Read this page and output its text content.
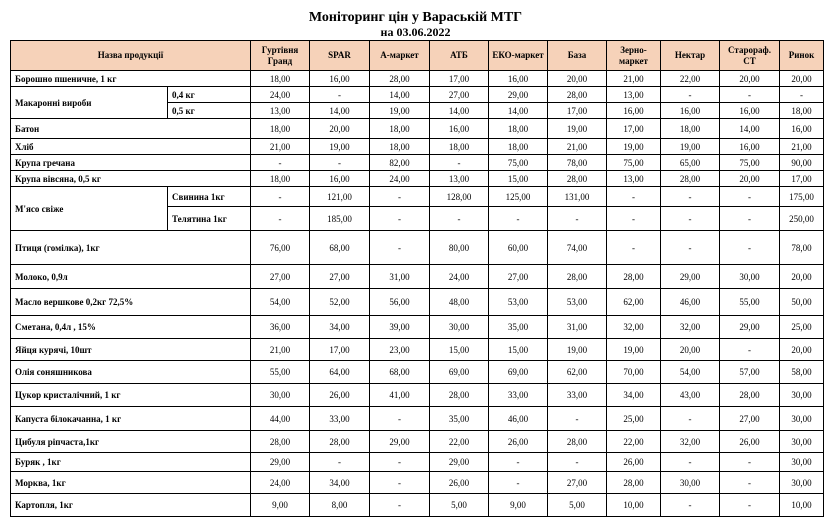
Моніторинг цін у Вараській МТГ
на 03.06.2022
Назва продукції		Гуртівня Гранд	SPAR	А-маркет	АТБ	ЕКО-маркет	База	Зерно-маркет	Нектар	Старораф. СТ	Ринок
Борошно пшеничне, 1 кг		18,00	16,00	28,00	17,00	16,00	20,00	21,00	22,00	20,00	20,00
Макаронні вироби	0,4 кг	24,00	-	14,00	27,00	29,00	28,00	13,00	-	-	-
	0,5 кг	13,00	14,00	19,00	14,00	14,00	17,00	16,00	16,00	16,00	18,00
Батон		18,00	20,00	18,00	16,00	18,00	19,00	17,00	18,00	14,00	16,00
Хліб		21,00	19,00	18,00	18,00	18,00	21,00	19,00	19,00	16,00	21,00
Крупа гречана		-	-	82,00	-	75,00	78,00	75,00	65,00	75,00	90,00
Крупа вівсяна, 0,5 кг		18,00	16,00	24,00	13,00	15,00	28,00	13,00	28,00	20,00	17,00
М'ясо свіже	Свинина 1кг	-	121,00	-	128,00	125,00	131,00	-	-	-	175,00
	Телятина 1кг	-	185,00	-	-	-	-	-	-	-	250,00
Птиця (гомілка), 1кг		76,00	68,00	-	80,00	60,00	74,00	-	-	-	78,00
Молоко, 0,9л		27,00	27,00	31,00	24,00	27,00	28,00	28,00	29,00	30,00	20,00
Масло вершкове 0,2кг 72,5%		54,00	52,00	56,00	48,00	53,00	53,00	62,00	46,00	55,00	50,00
Сметана, 0,4л , 15%		36,00	34,00	39,00	30,00	35,00	31,00	32,00	32,00	29,00	25,00
Яйця курячі, 10шт		21,00	17,00	23,00	15,00	15,00	19,00	19,00	20,00	-	20,00
Олія соняшникова		55,00	64,00	68,00	69,00	69,00	62,00	70,00	54,00	57,00	58,00
Цукор кристалічний, 1 кг		30,00	26,00	41,00	28,00	33,00	33,00	34,00	43,00	28,00	30,00
Капуста білокачанна, 1 кг		44,00	33,00	-	35,00	46,00	-	25,00	-	27,00	30,00
Цибуля ріпчаста,1кг		28,00	28,00	29,00	22,00	26,00	28,00	22,00	32,00	26,00	30,00
Буряк , 1кг		29,00	-	-	29,00	-	-	26,00	-	-	30,00
Морква, 1кг		24,00	34,00	-	26,00	-	27,00	28,00	30,00	-	30,00
Картопля, 1кг		9,00	8,00	-	5,00	9,00	5,00	10,00	-	-	10,00
